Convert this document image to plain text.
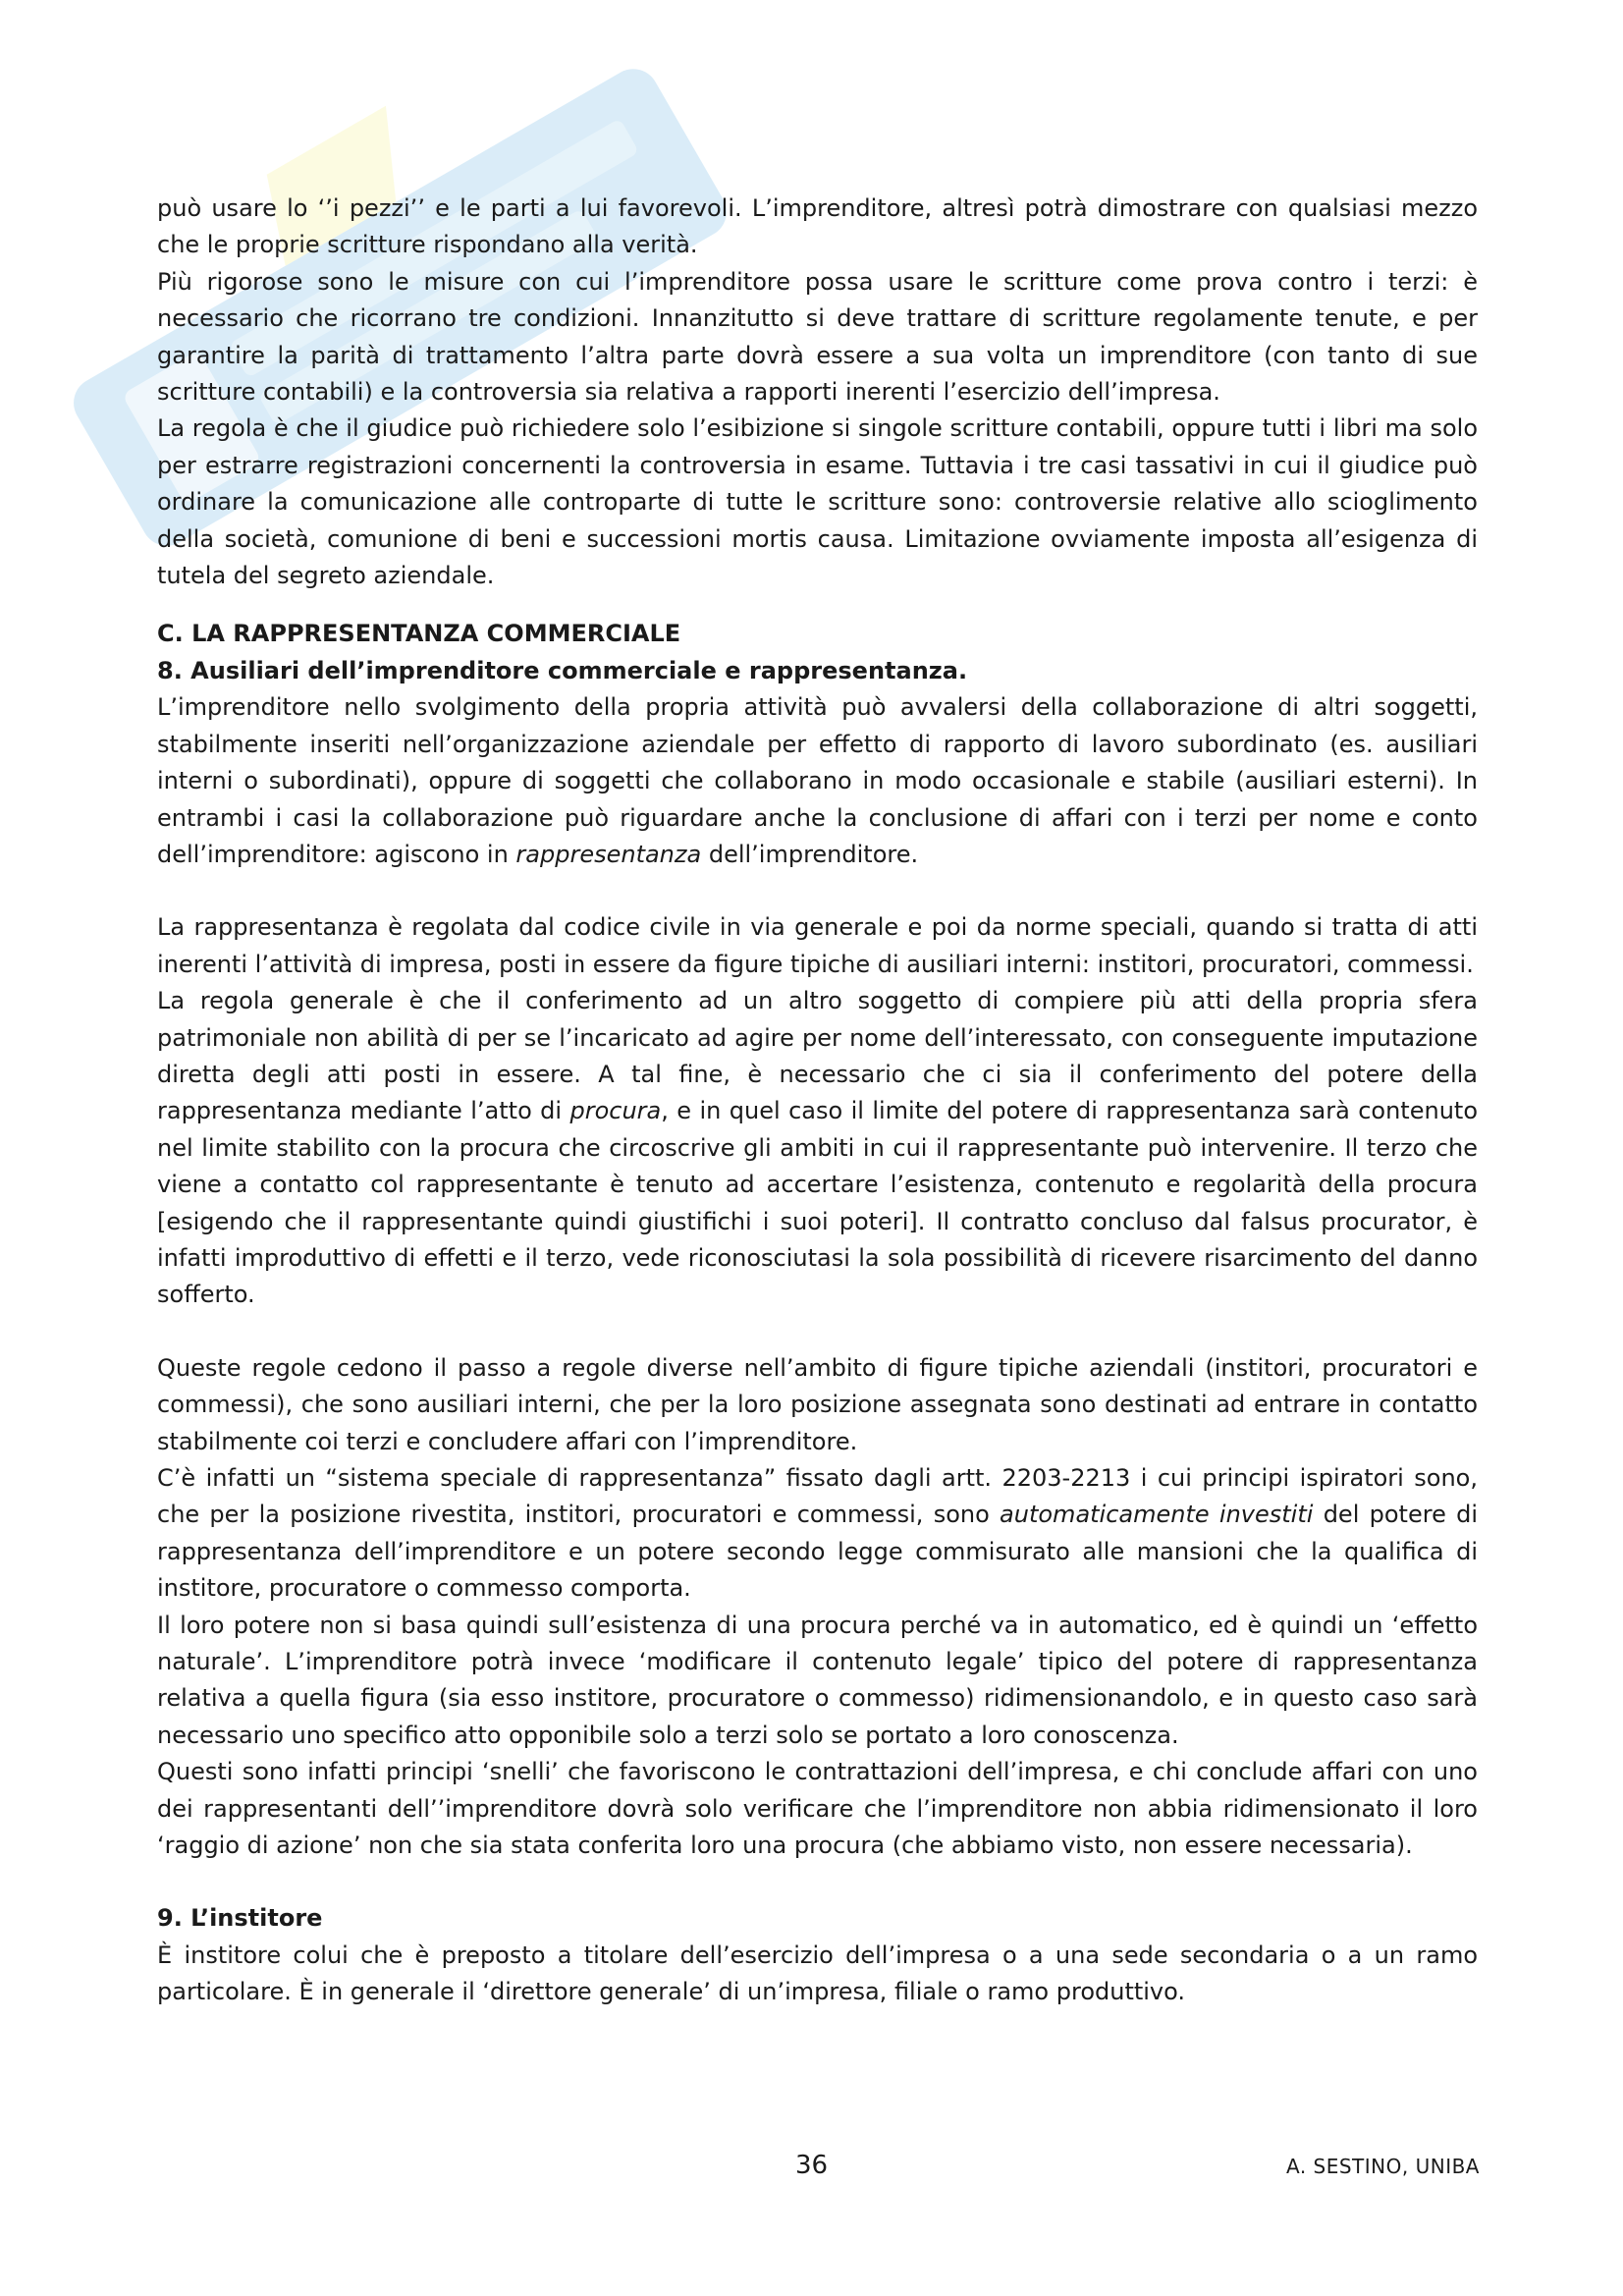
può usare lo ‘’i pezzi’’ e le parti a lui favorevoli. L’imprenditore, altresì potrà dimostrare con qualsiasi mezzo che le proprie scritture rispondano alla verità.

Più rigorose sono le misure con cui l’imprenditore possa usare le scritture come prova contro i terzi: è necessario che ricorrano tre condizioni. Innanzitutto si deve trattare di scritture regolamente tenute, e per garantire la parità di trattamento l’altra parte dovrà essere a sua volta un imprenditore (con tanto di sue scritture contabili) e la controversia sia relativa a rapporti inerenti l’esercizio dell’impresa.

La regola è che il giudice può richiedere solo l’esibizione si singole scritture contabili, oppure tutti i libri ma solo per estrarre registrazioni concernenti la controversia in esame. Tuttavia i tre casi tassativi in cui il giudice può ordinare la comunicazione alle controparte di tutte le scritture sono: controversie relative allo scioglimento della società, comunione di beni e successioni mortis causa. Limitazione ovviamente imposta all’esigenza di tutela del segreto aziendale.

C. LA RAPPRESENTANZA COMMERCIALE

8. Ausiliari dell’imprenditore commerciale e rappresentanza.

L’imprenditore nello svolgimento della propria attività può avvalersi della collaborazione di altri soggetti, stabilmente inseriti nell’organizzazione aziendale per effetto di rapporto di lavoro subordinato (es. ausiliari interni o subordinati), oppure di soggetti che collaborano in modo occasionale e stabile (ausiliari esterni). In entrambi i casi la collaborazione può riguardare anche la conclusione di affari con i terzi per nome e conto dell’imprenditore: agiscono in rappresentanza dell’imprenditore.

La rappresentanza è regolata dal codice civile in via generale e poi da norme speciali, quando si tratta di atti inerenti l’attività di impresa, posti in essere da figure tipiche di ausiliari interni: institori, procuratori, commessi.

La regola generale è che il conferimento ad un altro soggetto di compiere più atti della propria sfera patrimoniale non abilità di per se l’incaricato ad agire per nome dell’interessato, con conseguente imputazione diretta degli atti posti in essere. A tal fine, è necessario che ci sia il conferimento del potere della rappresentanza mediante l’atto di procura, e in quel caso il limite del potere di rappresentanza sarà contenuto nel limite stabilito con la procura che circoscrive gli ambiti in cui il rappresentante può intervenire. Il terzo che viene a contatto col rappresentante è tenuto ad accertare l’esistenza, contenuto e regolarità della procura [esigendo che il rappresentante quindi giustifichi i suoi poteri]. Il contratto concluso dal falsus procurator, è infatti improduttivo di effetti e il terzo, vede riconosciutasi la sola possibilità di ricevere risarcimento del danno sofferto.

Queste regole cedono il passo a regole diverse nell’ambito di figure tipiche aziendali (institori, procuratori e commessi), che sono ausiliari interni, che per la loro posizione assegnata sono destinati ad entrare in contatto stabilmente coi terzi e concludere affari con l’imprenditore.

C’è infatti un “sistema speciale di rappresentanza” fissato dagli artt. 2203-2213 i cui principi ispiratori sono, che per la posizione rivestita, institori, procuratori e commessi, sono automaticamente investiti del potere di rappresentanza dell’imprenditore e un potere secondo legge commisurato alle mansioni che la qualifica di institore, procuratore o commesso comporta.

Il loro potere non si basa quindi sull’esistenza di una procura perché va in automatico, ed è quindi un ‘effetto naturale’. L’imprenditore potrà invece ‘modificare il contenuto legale’ tipico del potere di rappresentanza relativa a quella figura (sia esso institore, procuratore o commesso) ridimensionandolo, e in questo caso sarà necessario uno specifico atto opponibile solo a terzi solo se portato a loro conoscenza.

Questi sono infatti principi ‘snelli’ che favoriscono le contrattazioni dell’impresa, e chi conclude affari con uno dei rappresentanti dell’’imprenditore dovrà solo verificare che l’imprenditore non abbia ridimensionato il loro ‘raggio di azione’ non che sia stata conferita loro una procura (che abbiamo visto, non essere necessaria).

9. L’institore

È institore colui che è preposto a titolare dell’esercizio dell’impresa o a una sede secondaria o a un ramo particolare. È in generale il ‘direttore generale’ di un’impresa, filiale o ramo produttivo.

36	A. SESTINO, UNIBA
